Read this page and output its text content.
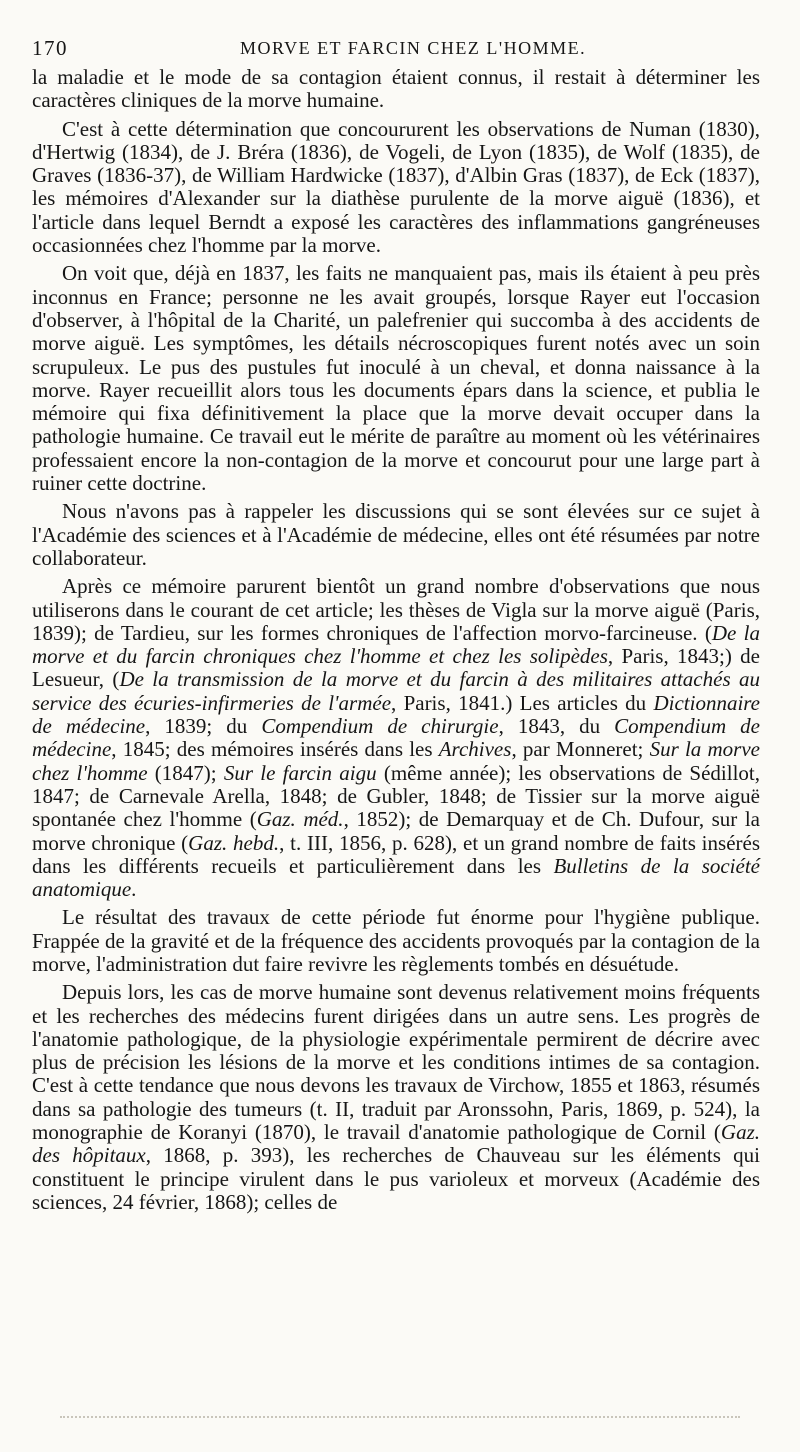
170	MORVE ET FARCIN CHEZ L'HOMME.

la maladie et le mode de sa contagion étaient connus, il restait à déterminer les caractères cliniques de la morve humaine.

C'est à cette détermination que concoururent les observations de Numan (1830), d'Hertwig (1834), de J. Bréra (1836), de Vogeli, de Lyon (1835), de Wolf (1835), de Graves (1836-37), de William Hardwicke (1837), d'Albin Gras (1837), de Eck (1837), les mémoires d'Alexander sur la diathèse purulente de la morve aiguë (1836), et l'article dans lequel Berndt a exposé les caractères des inflammations gangréneuses occasionnées chez l'homme par la morve.

On voit que, déjà en 1837, les faits ne manquaient pas, mais ils étaient à peu près inconnus en France; personne ne les avait groupés, lorsque Rayer eut l'occasion d'observer, à l'hôpital de la Charité, un palefrenier qui succomba à des accidents de morve aiguë. Les symptômes, les détails nécroscopiques furent notés avec un soin scrupuleux. Le pus des pustules fut inoculé à un cheval, et donna naissance à la morve. Rayer recueillit alors tous les documents épars dans la science, et publia le mémoire qui fixa définitivement la place que la morve devait occuper dans la pathologie humaine. Ce travail eut le mérite de paraître au moment où les vétérinaires professaient encore la non-contagion de la morve et concourut pour une large part à ruiner cette doctrine.

Nous n'avons pas à rappeler les discussions qui se sont élevées sur ce sujet à l'Académie des sciences et à l'Académie de médecine, elles ont été résumées par notre collaborateur.

Après ce mémoire parurent bientôt un grand nombre d'observations que nous utiliserons dans le courant de cet article; les thèses de Vigla sur la morve aiguë (Paris, 1839); de Tardieu, sur les formes chroniques de l'affection morvo-farcineuse. (De la morve et du farcin chroniques chez l'homme et chez les solipèdes, Paris, 1843;) de Lesueur, (De la transmission de la morve et du farcin à des militaires attachés au service des écuries-infirmeries de l'armée, Paris, 1841.) Les articles du Dictionnaire de médecine, 1839; du Compendium de chirurgie, 1843, du Compendium de médecine, 1845; des mémoires insérés dans les Archives, par Monneret; Sur la morve chez l'homme (1847); Sur le farcin aigu (même année); les observations de Sédillot, 1847; de Carnevale Arella, 1848; de Gubler, 1848; de Tissier sur la morve aiguë spontanée chez l'homme (Gaz. méd., 1852); de Demarquay et de Ch. Dufour, sur la morve chronique (Gaz. hebd., t. III, 1856, p. 628), et un grand nombre de faits insérés dans les différents recueils et particulièrement dans les Bulletins de la société anatomique.

Le résultat des travaux de cette période fut énorme pour l'hygiène publique. Frappée de la gravité et de la fréquence des accidents provoqués par la contagion de la morve, l'administration dut faire revivre les règlements tombés en désuétude.

Depuis lors, les cas de morve humaine sont devenus relativement moins fréquents et les recherches des médecins furent dirigées dans un autre sens. Les progrès de l'anatomie pathologique, de la physiologie expérimentale permirent de décrire avec plus de précision les lésions de la morve et les conditions intimes de sa contagion. C'est à cette tendance que nous devons les travaux de Virchow, 1855 et 1863, résumés dans sa pathologie des tumeurs (t. II, traduit par Aronssohn, Paris, 1869, p. 524), la monographie de Koranyi (1870), le travail d'anatomie pathologique de Cornil (Gaz. des hôpitaux, 1868, p. 393), les recherches de Chauveau sur les éléments qui constituent le principe virulent dans le pus varioleux et morveux (Académie des sciences, 24 février, 1868); celles de
